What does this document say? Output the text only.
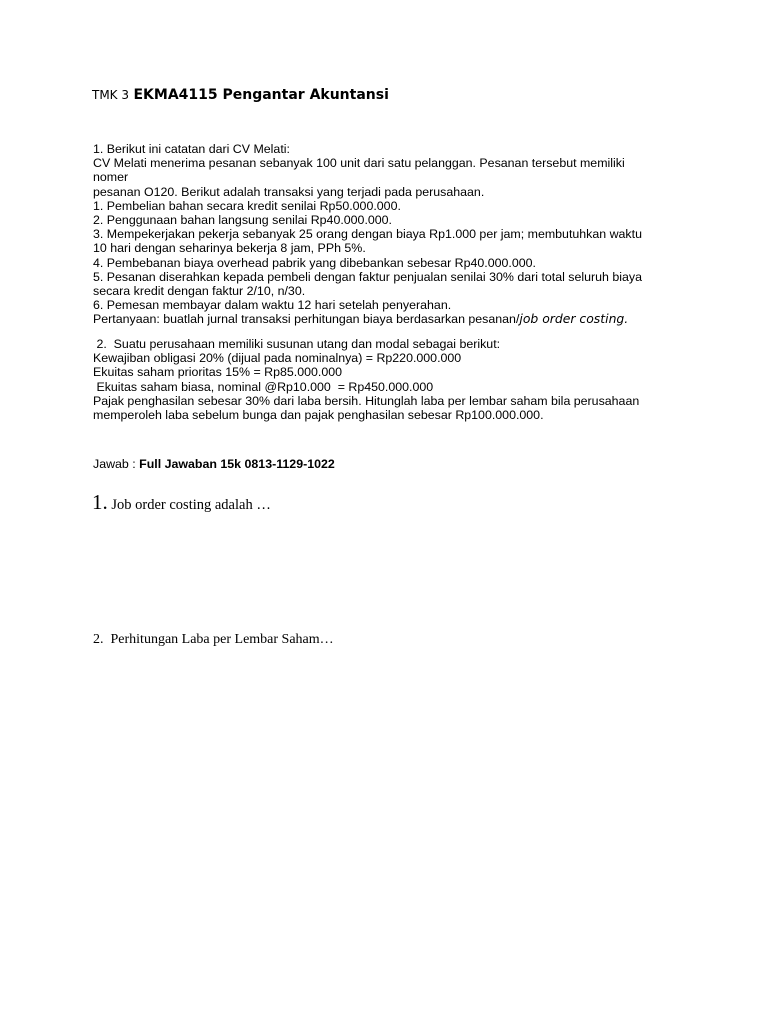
TMK 3 EKMA4115 Pengantar Akuntansi
1. Berikut ini catatan dari CV Melati:
CV Melati menerima pesanan sebanyak 100 unit dari satu pelanggan. Pesanan tersebut memiliki
nomer
pesanan O120. Berikut adalah transaksi yang terjadi pada perusahaan.
1. Pembelian bahan secara kredit senilai Rp50.000.000.
2. Penggunaan bahan langsung senilai Rp40.000.000.
3. Mempekerjakan pekerja sebanyak 25 orang dengan biaya Rp1.000 per jam; membutuhkan waktu
10 hari dengan seharinya bekerja 8 jam, PPh 5%.
4. Pembebanan biaya overhead pabrik yang dibebankan sebesar Rp40.000.000.
5. Pesanan diserahkan kepada pembeli dengan faktur penjualan senilai 30% dari total seluruh biaya
secara kredit dengan faktur 2/10, n/30.
6. Pemesan membayar dalam waktu 12 hari setelah penyerahan.
Pertanyaan: buatlah jurnal transaksi perhitungan biaya berdasarkan pesanan/job order costing.
2.  Suatu perusahaan memiliki susunan utang dan modal sebagai berikut:
Kewajiban obligasi 20% (dijual pada nominalnya) = Rp220.000.000
Ekuitas saham prioritas 15% = Rp85.000.000
Ekuitas saham biasa, nominal @Rp10.000  = Rp450.000.000
Pajak penghasilan sebesar 30% dari laba bersih. Hitunglah laba per lembar saham bila perusahaan
memperoleh laba sebelum bunga dan pajak penghasilan sebesar Rp100.000.000.
Jawab : Full Jawaban 15k 0813-1129-1022
1. Job order costing adalah …
2.  Perhitungan Laba per Lembar Saham…
